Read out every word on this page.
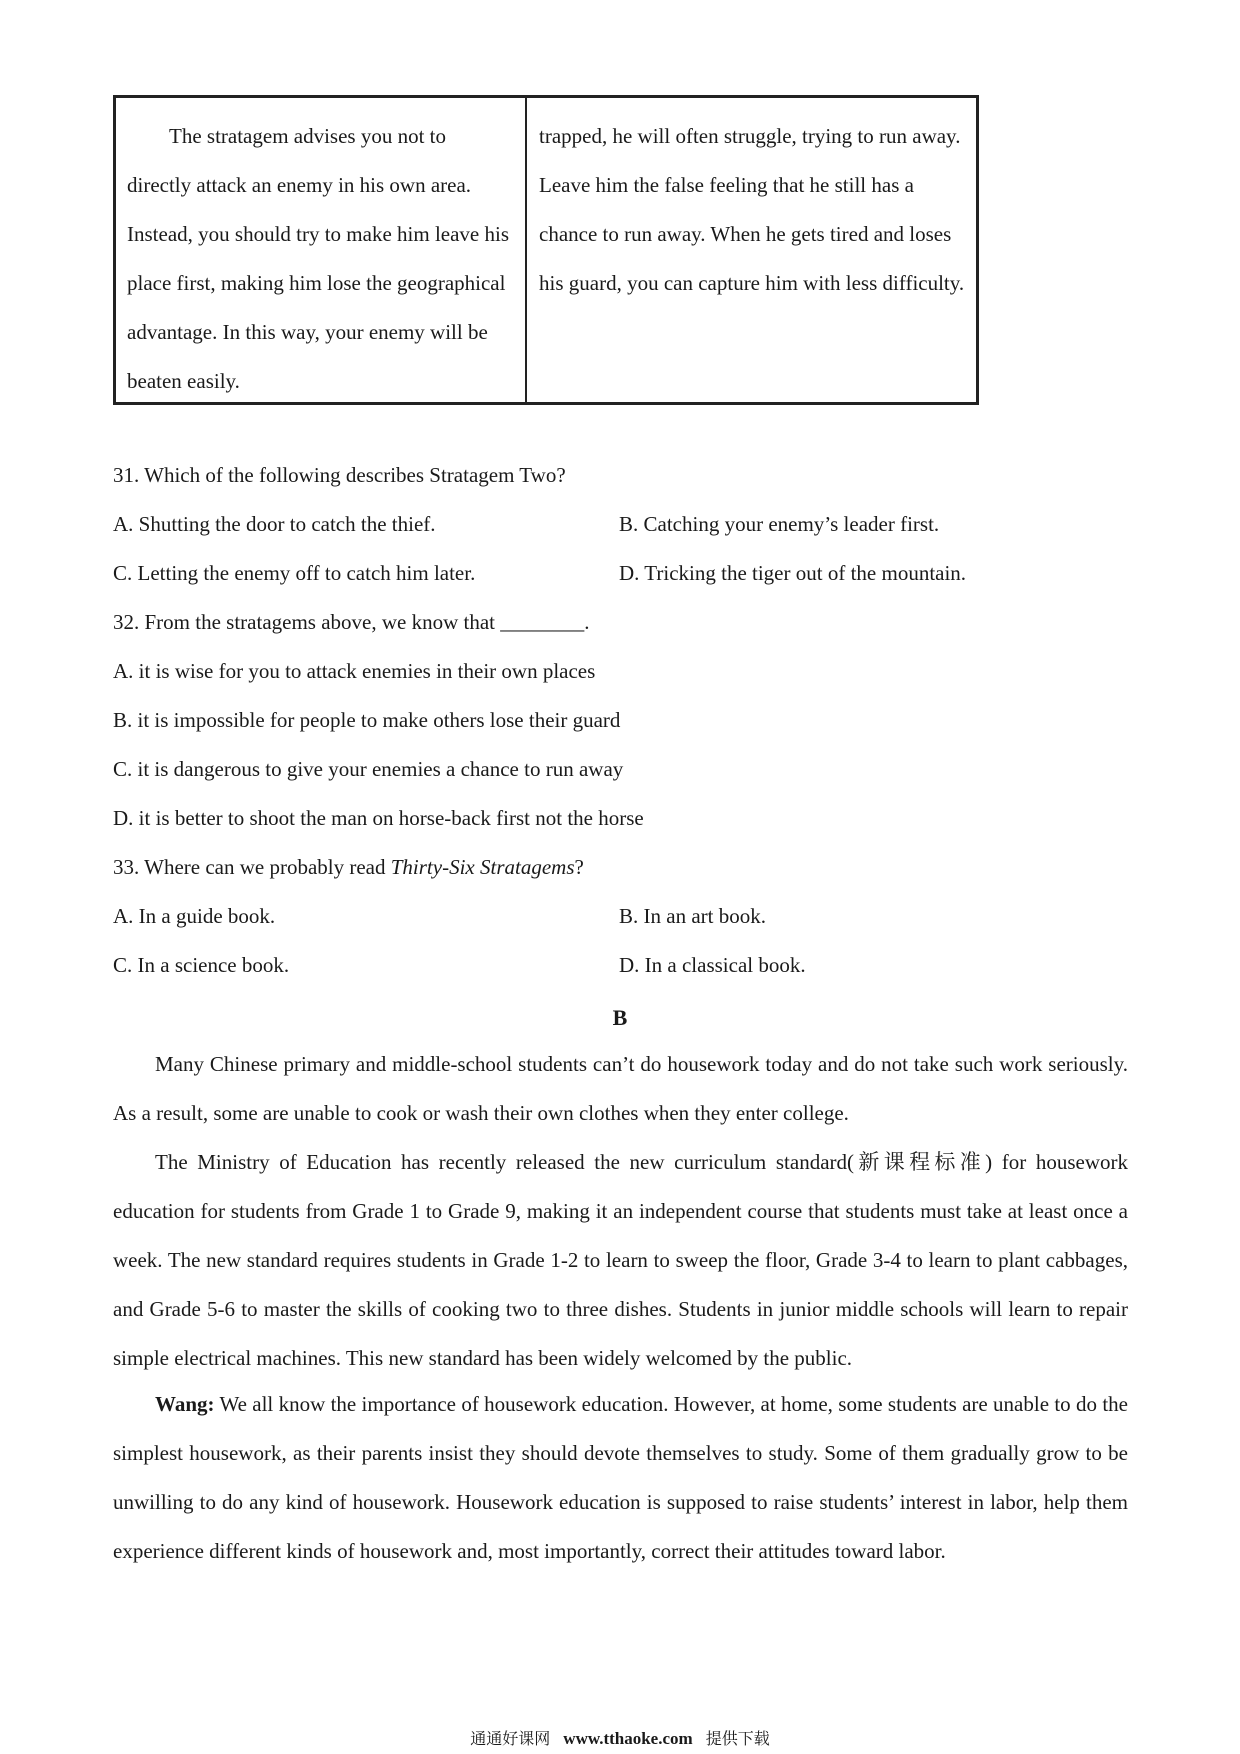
The stratagem advises you not to directly attack an enemy in his own area. Instead, you should try to make him leave his place first, making him lose the geographical advantage. In this way, your enemy will be beaten easily.
trapped, he will often struggle, trying to run away. Leave him the false feeling that he still has a chance to run away. When he gets tired and loses his guard, you can capture him with less difficulty.
31. Which of the following describes Stratagem Two?
A. Shutting the door to catch the thief.	B. Catching your enemy’s leader first.
C. Letting the enemy off to catch him later.	D. Tricking the tiger out of the mountain.
32. From the stratagems above, we know that ________.
A. it is wise for you to attack enemies in their own places
B. it is impossible for people to make others lose their guard
C. it is dangerous to give your enemies a chance to run away
D. it is better to shoot the man on horse-back first not the horse
33. Where can we probably read Thirty-Six Stratagems?
A. In a guide book.	B. In an art book.
C. In a science book.	D. In a classical book.
B
Many Chinese primary and middle-school students can’t do housework today and do not take such work seriously. As a result, some are unable to cook or wash their own clothes when they enter college.
The Ministry of Education has recently released the new curriculum standard(新课程标准) for housework education for students from Grade 1 to Grade 9, making it an independent course that students must take at least once a week. The new standard requires students in Grade 1-2 to learn to sweep the floor, Grade 3-4 to learn to plant cabbages, and Grade 5-6 to master the skills of cooking two to three dishes. Students in junior middle schools will learn to repair simple electrical machines. This new standard has been widely welcomed by the public.
Wang: We all know the importance of housework education. However, at home, some students are unable to do the simplest housework, as their parents insist they should devote themselves to study. Some of them gradually grow to be unwilling to do any kind of housework. Housework education is supposed to raise students’ interest in labor, help them experience different kinds of housework and, most importantly, correct their attitudes toward labor.
通通好课网 www.tthaoke.com 提供下载
